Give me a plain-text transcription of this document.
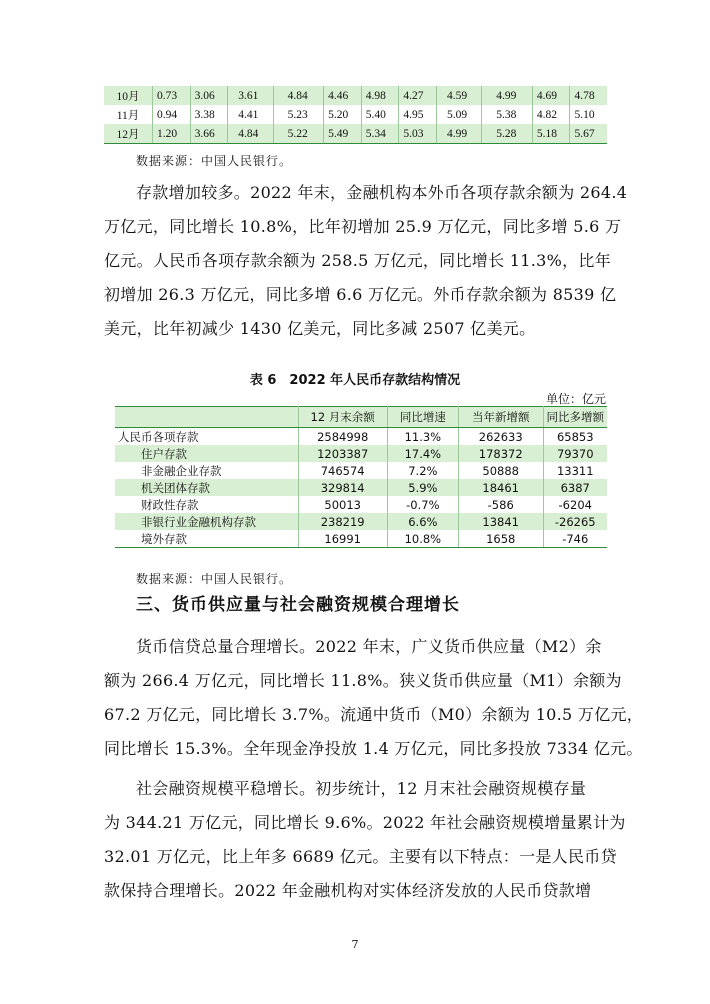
10月	0.73	3.06	3.61	4.84	4.46	4.98	4.27	4.59	4.99	4.69	4.78
11月	0.94	3.38	4.41	5.23	5.20	5.40	4.95	5.09	5.38	4.82	5.10
12月	1.20	3.66	4.84	5.22	5.49	5.34	5.03	4.99	5.28	5.18	5.67
数据来源：中国人民银行。
存款增加较多。2022 年末，金融机构本外币各项存款余额为 264.4
万亿元，同比增长 10.8%，比年初增加 25.9 万亿元，同比多增 5.6 万
亿元。人民币各项存款余额为 258.5 万亿元，同比增长 11.3%，比年
初增加 26.3 万亿元，同比多增 6.6 万亿元。外币存款余额为 8539 亿
美元，比年初减少 1430 亿美元，同比多减 2507 亿美元。
表 6　2022 年人民币存款结构情况
单位：亿元
	12 月末余额	同比增速	当年新增额	同比多增额
人民币各项存款	2584998	11.3%	262633	65853
住户存款	1203387	17.4%	178372	79370
非金融企业存款	746574	7.2%	50888	13311
机关团体存款	329814	5.9%	18461	6387
财政性存款	50013	-0.7%	-586	-6204
非银行业金融机构存款	238219	6.6%	13841	-26265
境外存款	16991	10.8%	1658	-746
数据来源：中国人民银行。
三、货币供应量与社会融资规模合理增长
货币信贷总量合理增长。2022 年末，广义货币供应量（M2）余
额为 266.4 万亿元，同比增长 11.8%。狭义货币供应量（M1）余额为
67.2 万亿元，同比增长 3.7%。流通中货币（M0）余额为 10.5 万亿元，
同比增长 15.3%。全年现金净投放 1.4 万亿元，同比多投放 7334 亿元。
社会融资规模平稳增长。初步统计，12 月末社会融资规模存量
为 344.21 万亿元，同比增长 9.6%。2022 年社会融资规模增量累计为
32.01 万亿元，比上年多 6689 亿元。主要有以下特点：一是人民币贷
款保持合理增长。2022 年金融机构对实体经济发放的人民币贷款增
7
